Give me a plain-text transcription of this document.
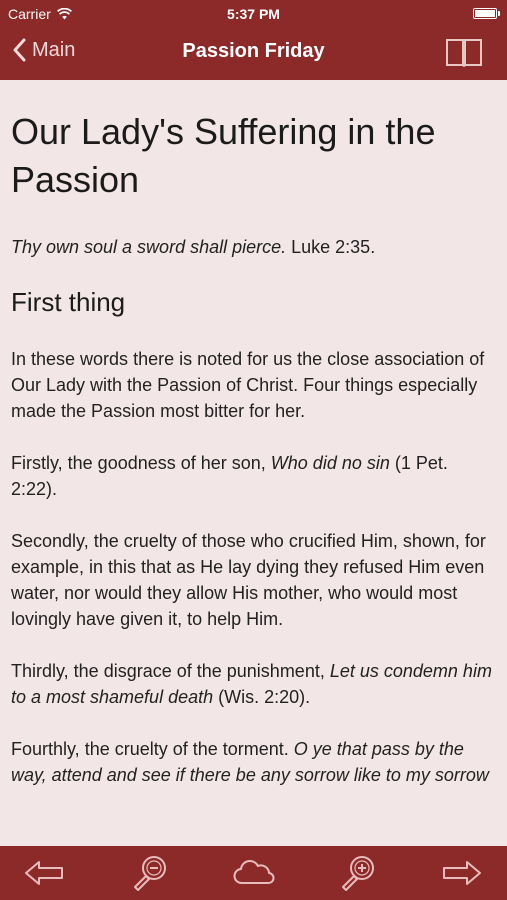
Carrier	5:37 PM
Main	Passion Friday
Our Lady's Suffering in the Passion

Thy own soul a sword shall pierce. Luke 2:35.

First thing

In these words there is noted for us the close association of Our Lady with the Passion of Christ. Four things especially made the Passion most bitter for her.

Firstly, the goodness of her son, Who did no sin (1 Pet. 2:22).

Secondly, the cruelty of those who crucified Him, shown, for example, in this that as He lay dying they refused Him even water, nor would they allow His mother, who would most lovingly have given it, to help Him.

Thirdly, the disgrace of the punishment, Let us condemn him to a most shameful death (Wis. 2:20).

Fourthly, the cruelty of the torment. O ye that pass by the way, attend and see if there be any sorrow like to my sorrow
